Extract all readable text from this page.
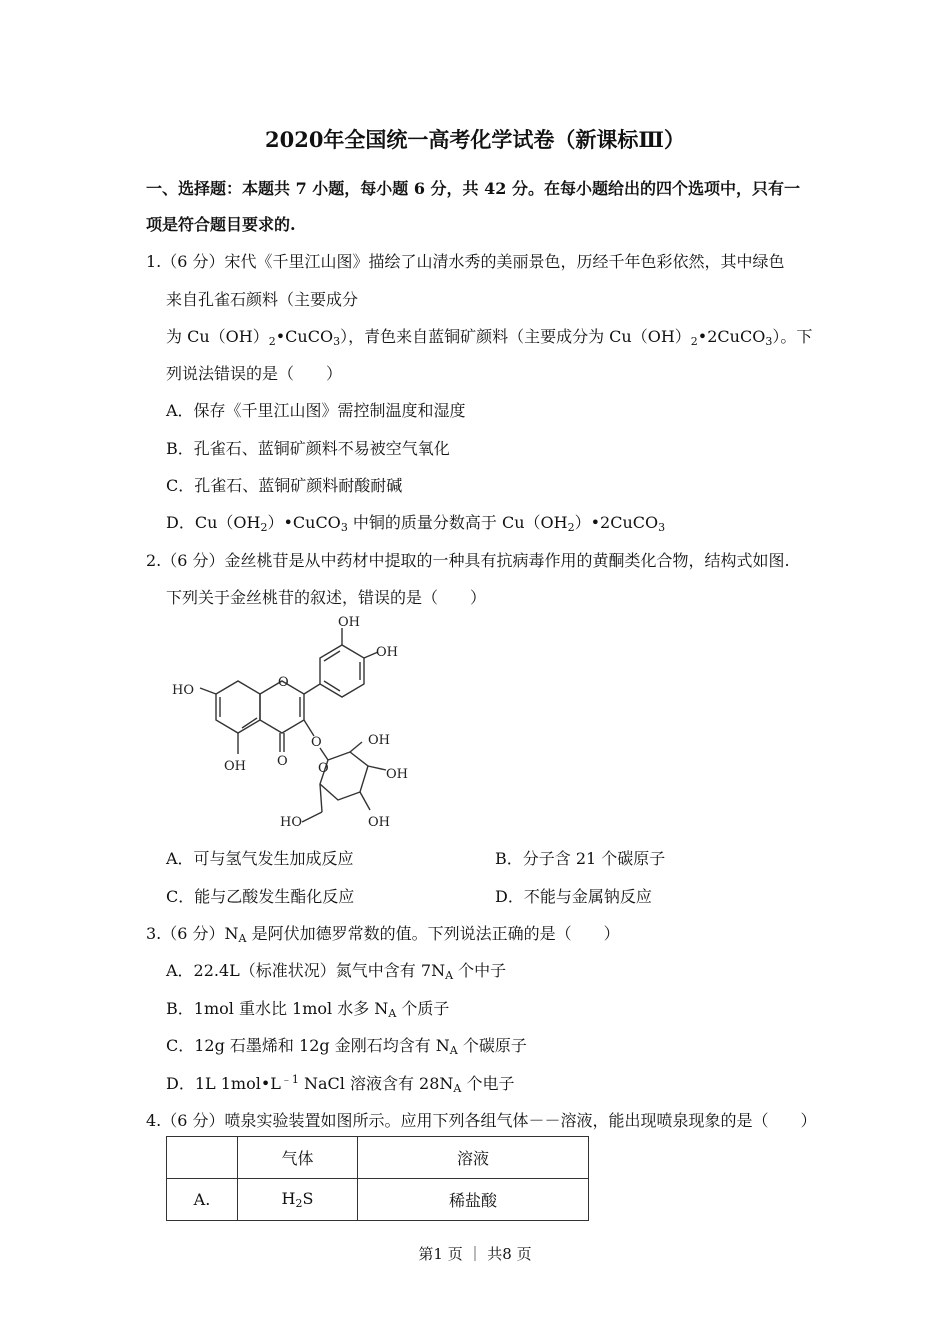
2020年全国统一高考化学试卷（新课标Ⅲ）
一、选择题：本题共 7 小题，每小题 6 分，共 42 分。在每小题给出的四个选项中，只有一
项是符合题目要求的.
1.（6 分）宋代《千里江山图》描绘了山清水秀的美丽景色，历经千年色彩依然，其中绿色
来自孔雀石颜料（主要成分
为 $Cu(OH)_2•CuCO_3$），青色来自蓝铜矿颜料（主要成分为 $Cu(OH)_2•2CuCO_3$）。下
列说法错误的是（　　）
A．保存《千里江山图》需控制温度和湿度
B．孔雀石、蓝铜矿颜料不易被空气氧化
C．孔雀石、蓝铜矿颜料耐酸耐碱
D．$Cu(OH_2)•CuCO_3$ 中铜的质量分数高于 $Cu(OH_2)•2CuCO_3$
2.（6 分）金丝桃苷是从中药材中提取的一种具有抗病毒作用的黄酮类化合物，结构式如图.
下列关于金丝桃苷的叙述，错误的是（　　）
OH
OH
HO
OH
O
O
O O
OH
OH
OH
HO
A．可与氢气发生加成反应	B．分子含 21 个碳原子
C．能与乙酸发生酯化反应	D．不能与金属钠反应
3.（6 分）$N_A$ 是阿伏加德罗常数的值。下列说法正确的是（　　）
A．22.4L（标准状况）氮气中含有 $7N_A$ 个中子
B．1mol 重水比 1mol 水多 $N_A$ 个质子
C．12g 石墨烯和 12g 金刚石均含有 $N_A$ 个碳原子
D．1L $1mol•L^{﹣1}$ NaCl 溶液含有 $28N_A$ 个电子
4.（6 分）喷泉实验装置如图所示。应用下列各组气体－－溶液，能出现喷泉现象的是（　　）
	气体	溶液
A.	$H_2S$	稀盐酸
第1 页 ｜ 共8 页
